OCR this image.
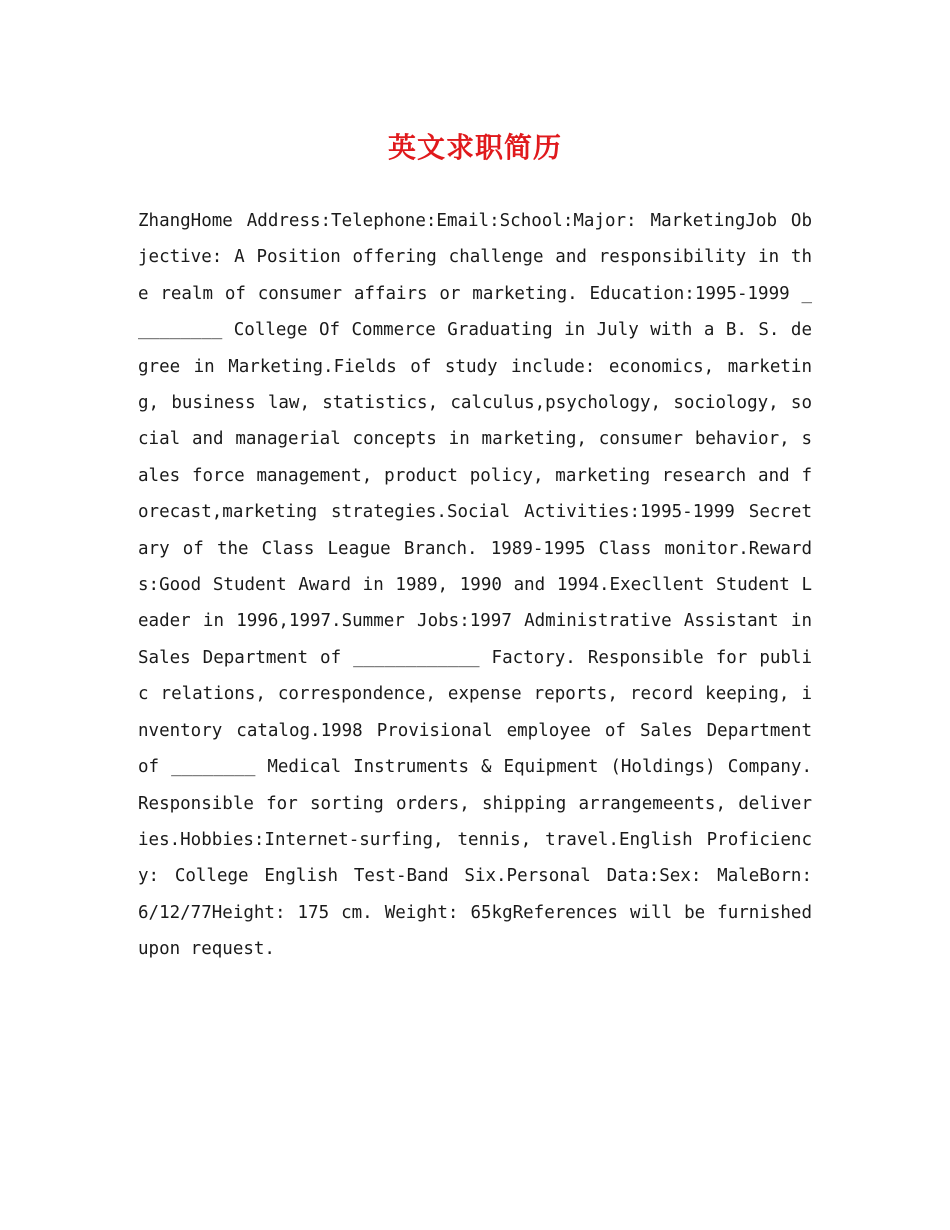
英文求职简历
ZhangHome Address:Telephone:Email:School:Major: MarketingJob Objective: A Position offering challenge and responsibility in the realm of consumer affairs or marketing. Education:1995-1999 _________ College Of Commerce Graduating in July with a B. S. degree in Marketing.Fields of study include: economics, marketing, business law, statistics, calculus,psychology, sociology, social and managerial concepts in marketing, consumer behavior, sales force management, product policy, marketing research and forecast,marketing strategies.Social Activities:1995-1999 Secretary of the Class League Branch. 1989-1995 Class monitor.Rewards:Good Student Award in 1989, 1990 and 1994.Execllent Student Leader in 1996,1997.Summer Jobs:1997 Administrative Assistant in Sales Department of ____________ Factory. Responsible for public relations, correspondence, expense reports, record keeping, inventory catalog.1998 Provisional employee of Sales Department of ________ Medical Instruments & Equipment (Holdings) Company. Responsible for sorting orders, shipping arrangemeents, deliveries.Hobbies:Internet-surfing, tennis, travel.English Proficiency: College English Test-Band Six.Personal Data:Sex: MaleBorn: 6/12/77Height: 175 cm. Weight: 65kgReferences will be furnished upon request.
